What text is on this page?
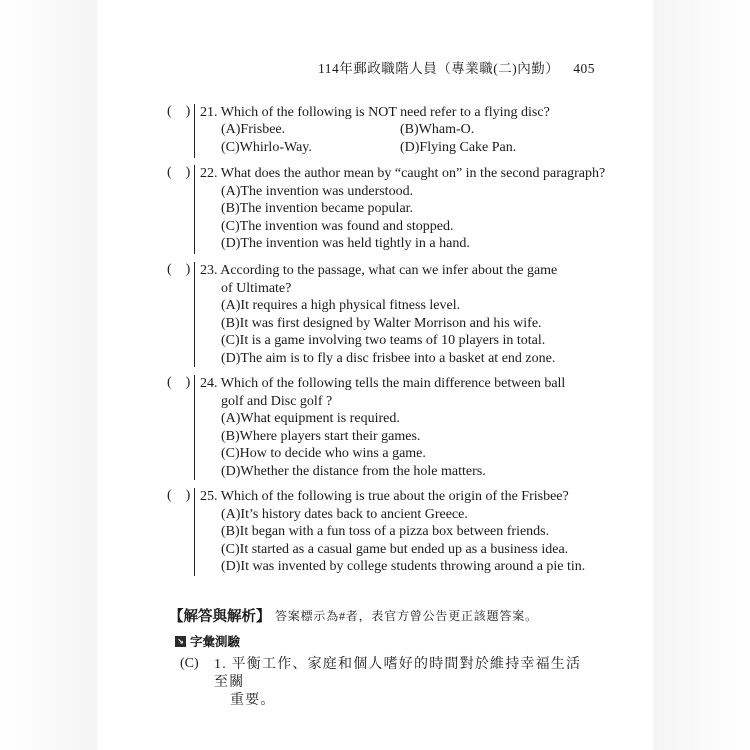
114年郵政職階人員（專業職(二)內勤） 405
(    ) 21. Which of the following is NOT need refer to a flying disc?
(A)Frisbee.	(B)Wham-O.
(C)Whirlo-Way.	(D)Flying Cake Pan.
(    ) 22. What does the author mean by “caught on” in the second paragraph?
(A)The invention was understood.
(B)The invention became popular.
(C)The invention was found and stopped.
(D)The invention was held tightly in a hand.
(    ) 23. According to the passage, what can we infer about the game
of Ultimate?
(A)It requires a high physical fitness level.
(B)It was first designed by Walter Morrison and his wife.
(C)It is a game involving two teams of 10 players in total.
(D)The aim is to fly a disc frisbee into a basket at end zone.
(    ) 24. Which of the following tells the main difference between ball
golf and Disc golf ?
(A)What equipment is required.
(B)Where players start their games.
(C)How to decide who wins a game.
(D)Whether the distance from the hole matters.
(    ) 25. Which of the following is true about the origin of the Frisbee?
(A)It’s history dates back to ancient Greece.
(B)It began with a fun toss of a pizza box between friends.
(C)It started as a casual game but ended up as a business idea.
(D)It was invented by college students throwing around a pie tin.
【解答與解析】 答案標示為#者，表官方曾公告更正該題答案。
↘ 字彙測驗
(C) 1. 平衡工作、家庭和個人嗜好的時間對於維持幸福生活至關
重要。
